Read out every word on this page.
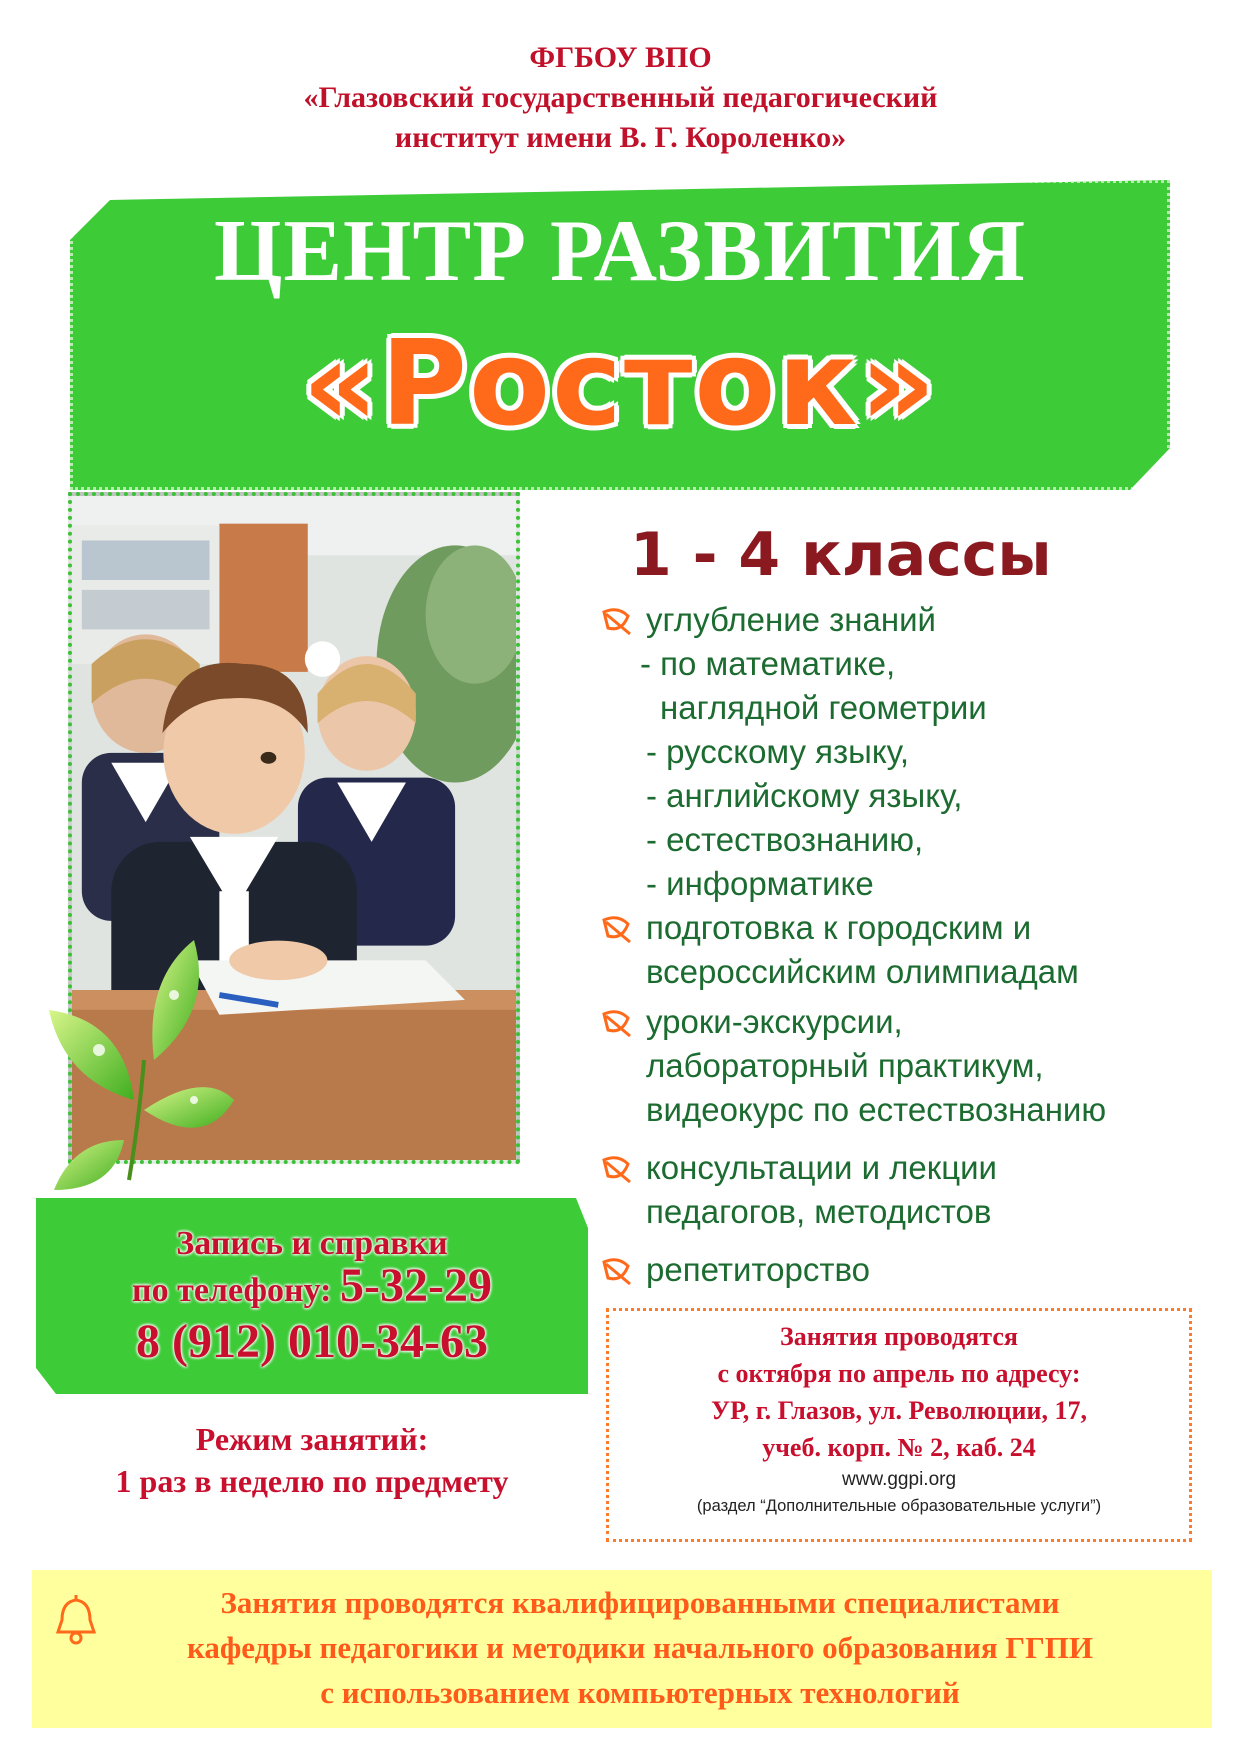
ФГБОУ ВПО
«Глазовский государственный педагогический
институт имени В. Г. Короленко»
ЦЕНТР РАЗВИТИЯ
«Росток»
1 - 4 классы
углубление знаний
- по математике,
наглядной геометрии
- русскому языку,
- английскому языку,
- естествознанию,
- информатике
подготовка к городским и
всероссийским олимпиадам
уроки-экскурсии,
лабораторный практикум,
видеокурс по естествознанию
консультации и лекции
педагогов, методистов
репетиторство
Запись и справки
по телефону: 5-32-29
8 (912) 010-34-63
Режим занятий:
1 раз в неделю по предмету
Занятия проводятся
с октября по апрель по адресу:
УР, г. Глазов, ул. Революции, 17,
учеб. корп. № 2, каб. 24
www.ggpi.org
(раздел “Дополнительные образовательные услуги”)
Занятия проводятся квалифицированными специалистами
кафедры педагогики и методики начального образования ГГПИ
с использованием компьютерных технологий
